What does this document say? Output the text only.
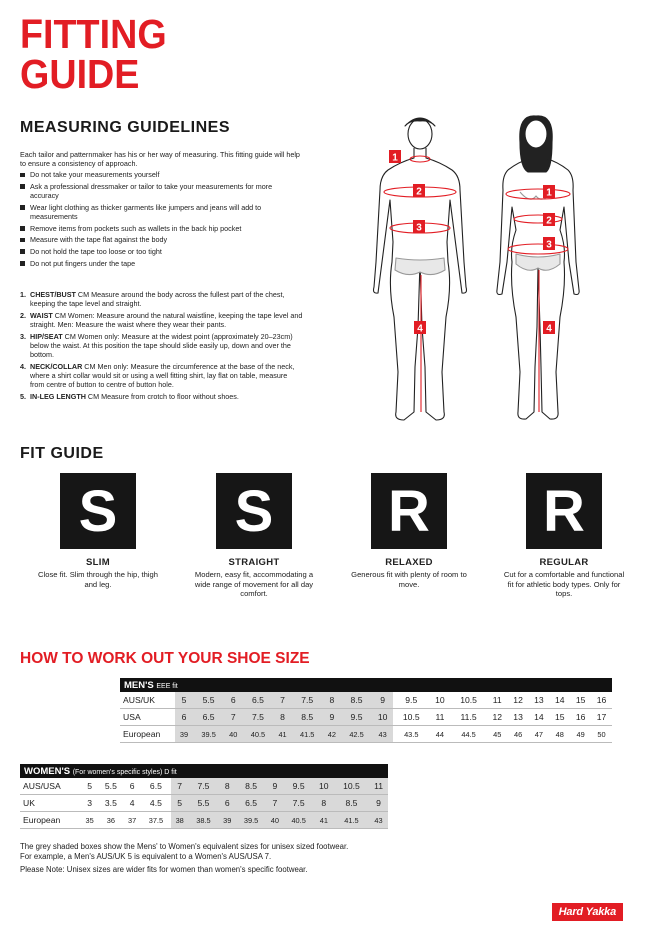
FITTING
GUIDE
MEASURING GUIDELINES
Each tailor and patternmaker has his or her way of measuring. This fitting guide will help to ensure a consistency of approach.
Do not take your measurements yourself
Ask a professional dressmaker or tailor to take your measurements for more accuracy
Wear light clothing as thicker garments like jumpers and jeans will add to measurements
Remove items from pockets such as wallets in the back hip pocket
Measure with the tape flat against the body
Do not hold the tape too loose or too tight
Do not put fingers under the tape
1. CHEST/BUST CM Measure around the body across the fullest part of the chest, keeping the tape level and straight.
2. WAIST CM Women: Measure around the natural waistline, keeping the tape level and straight. Men: Measure the waist where they wear their pants.
3. HIP/SEAT CM Women only: Measure at the widest point (approximately 20–23cm) below the waist. At this position the tape should slide easily up, down and over the bottom.
4. NECK/COLLAR CM Men only: Measure the circumference at the base of the neck, where a shirt collar would sit or using a well fitting shirt, lay flat on table, measure from centre of button to centre of button hole.
5. IN-LEG LENGTH CM Measure from crotch to floor without shoes.
1
2
3
4
1
2
3
4
FIT GUIDE
S
SLIM
Close fit. Slim through the hip, thigh and leg.
S
STRAIGHT
Modern, easy fit, accommodating a wide range of movement for all day comfort.
R
RELAXED
Generous fit with plenty of room to move.
R
REGULAR
Cut for a comfortable and functional fit for athletic body types. Only for tops.
HOW TO WORK OUT YOUR SHOE SIZE
MEN'S EEE fit																		
AUS/UK	5	5.5	6	6.5	7	7.5	8	8.5	9	9.5	10	10.5	11	12	13	14	15	16
USA	6	6.5	7	7.5	8	8.5	9	9.5	10	10.5	11	11.5	12	13	14	15	16	17
European	39	39.5	40	40.5	41	41.5	42	42.5	43	43.5	44	44.5	45	46	47	48	49	50
WOMEN'S (For women's specific styles) D fit													
AUS/USA	5	5.5	6	6.5	7	7.5	8	8.5	9	9.5	10	10.5	11
UK	3	3.5	4	4.5	5	5.5	6	6.5	7	7.5	8	8.5	9
European	35	36	37	37.5	38	38.5	39	39.5	40	40.5	41	41.5	43
The grey shaded boxes show the Mens' to Women's equivalent sizes for unisex sized footwear.
For example, a Men's AUS/UK 5 is equivalent to a Women's AUS/USA 7.
Please Note: Unisex sizes are wider fits for women than women's specific footwear.
Hard Yakka
